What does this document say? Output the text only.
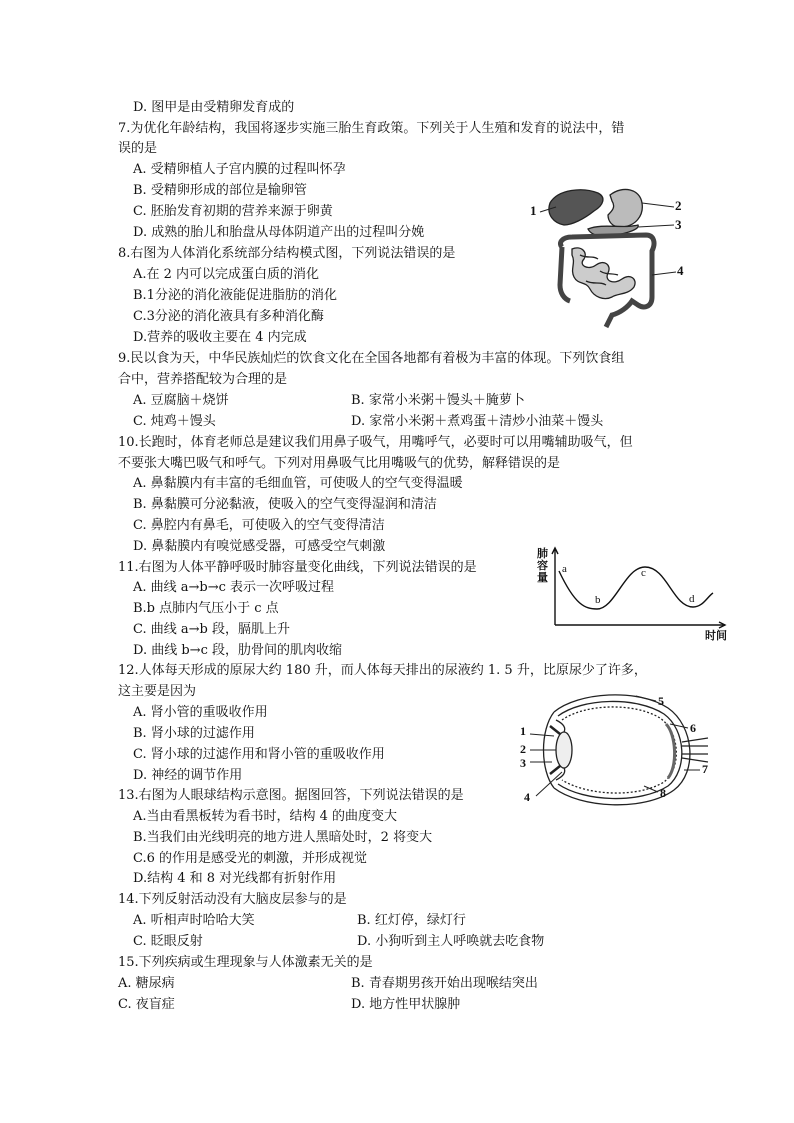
D. 图甲是由受精卵发育成的
7.为优化年龄结构，我国将逐步实施三胎生育政策。下列关于人生殖和发育的说法中，错
误的是
A. 受精卵植人子宫内膜的过程叫怀孕
B. 受精卵形成的部位是输卵管
C. 胚胎发育初期的营养来源于卵黄
D. 成熟的胎儿和胎盘从母体阴道产出的过程叫分娩
8.右图为人体消化系统部分结构模式图，下列说法错误的是
A.在 2 内可以完成蛋白质的消化
B.1分泌的消化液能促进脂肪的消化
C.3分泌的消化液具有多种消化酶
D.营养的吸收主要在 4 内完成
9.民以食为天，中华民族灿烂的饮食文化在全国各地都有着极为丰富的体现。下列饮食组
合中，营养搭配较为合理的是
A. 豆腐脑＋烧饼	B. 家常小米粥＋馒头＋腌萝卜
C. 炖鸡＋馒头	D. 家常小米粥＋煮鸡蛋＋清炒小油菜＋馒头
10.长跑时，体育老师总是建议我们用鼻子吸气，用嘴呼气，必要时可以用嘴辅助吸气，但
不要张大嘴巴吸气和呼气。下列对用鼻吸气比用嘴吸气的优势，解释错误的是
A. 鼻黏膜内有丰富的毛细血管，可使吸人的空气变得温暖
B. 鼻黏膜可分泌黏液，使吸入的空气变得湿润和清洁
C. 鼻腔内有鼻毛，可使吸入的空气变得清洁
D. 鼻黏膜内有嗅觉感受器，可感受空气刺激
11.右图为人体平静呼吸时肺容量变化曲线，下列说法错误的是
A. 曲线 a→b→c 表示一次呼吸过程
B.b 点肺内气压小于 c 点
C. 曲线 a→b 段，膈肌上升
D. 曲线 b→c 段，肋骨间的肌肉收缩
12.人体每天形成的原尿大约 180 升，而人体每天排出的尿液约 1. 5 升，比原尿少了许多，
这主要是因为
A. 肾小管的重吸收作用
B. 肾小球的过滤作用
C. 肾小球的过滤作用和肾小管的重吸收作用
D. 神经的调节作用
13.右图为人眼球结构示意图。据图回答，下列说法错误的是
A.当由看黑板转为看书时，结构 4 的曲度变大
B.当我们由光线明亮的地方进人黑暗处时，2 将变大
C.6 的作用是感受光的刺激，并形成视觉
D.结构 4 和 8 对光线都有折射作用
14.下列反射活动没有大脑皮层参与的是
A. 听相声时哈哈大笑	B. 红灯停，绿灯行
C. 眨眼反射	D. 小狗听到主人呼唤就去吃食物
15.下列疾病或生理现象与人体激素无关的是
A. 糖尿病	B. 青春期男孩开始出现喉结突出
C. 夜盲症	D. 地方性甲状腺肿
1	2
3
4
肺
容
量
时间
a
b
c
d
1
2
3
4
5
6
7
8
